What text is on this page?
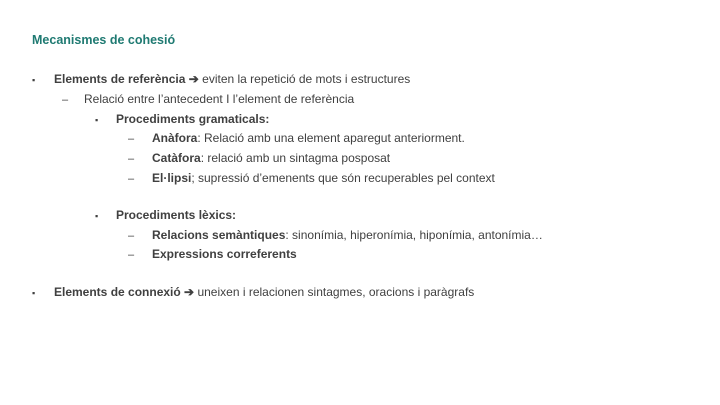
Mecanismes de cohesió
▪ Elements de referència ➔ eviten la repetició de mots i estructures
– Relació entre l’antecedent I l’element de referència
▪ Procediments gramaticals:
– Anàfora: Relació amb una element aparegut anteriorment.
– Catàfora: relació amb un sintagma posposat
– El·lipsi; supressió d’emenents que són recuperables pel context
▪ Procediments lèxics:
– Relacions semàntiques: sinonímia, hiperonímia, hiponímia, antonímia…
– Expressions correferents
▪ Elements de connexió ➔ uneixen i relacionen sintagmes, oracions i paràgrafs
